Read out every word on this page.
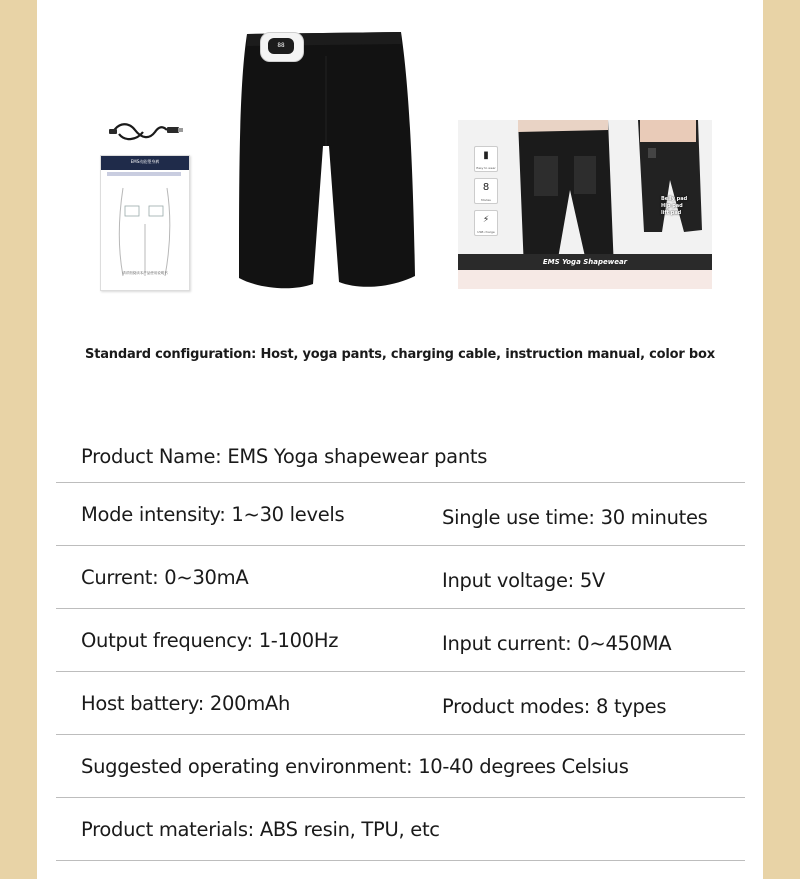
EMS动能塑身裤
请详细阅读本产品使用说明书
88
▮
Easy to wear
8
Modes
⚡
USB charge
Belly pad
Hip pad
lift pad
EMS Yoga Shapewear
Standard configuration: Host, yoga pants, charging cable, instruction manual, color box
Product Name: EMS Yoga shapewear pants
Mode intensity: 1~30 levels	Single use time: 30 minutes
Current: 0~30mA	Input voltage: 5V
Output frequency: 1-100Hz	Input current: 0~450MA
Host battery: 200mAh	Product modes: 8 types
Suggested operating environment: 10-40 degrees Celsius
Product materials: ABS resin, TPU, etc
